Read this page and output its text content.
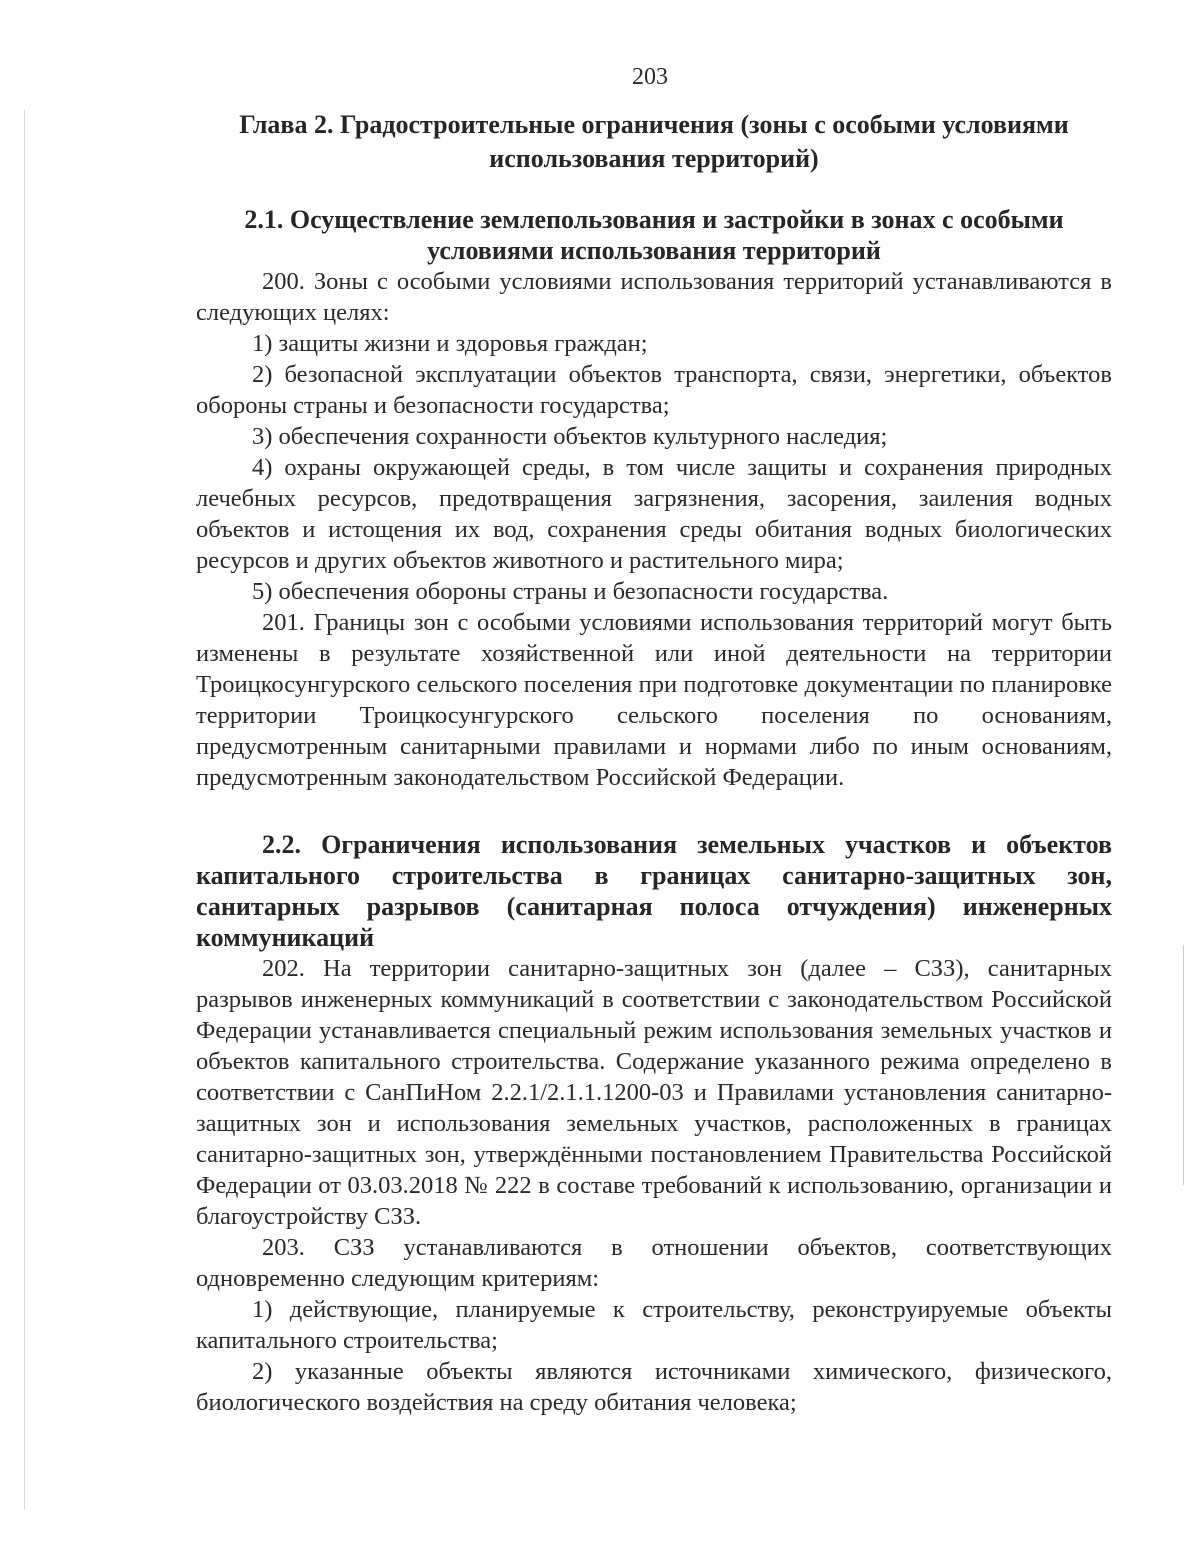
203
Глава 2. Градостроительные ограничения (зоны с особыми условиями использования территорий)
2.1. Осуществление землепользования и застройки в зонах с особыми условиями использования территорий

200. Зоны с особыми условиями использования территорий устанавливаются в следующих целях:

1) защиты жизни и здоровья граждан;

2) безопасной эксплуатации объектов транспорта, связи, энергетики, объектов обороны страны и безопасности государства;

3) обеспечения сохранности объектов культурного наследия;

4) охраны окружающей среды, в том числе защиты и сохранения природных лечебных ресурсов, предотвращения загрязнения, засорения, заиления водных объектов и истощения их вод, сохранения среды обитания водных биологических ресурсов и других объектов животного и растительного мира;

5) обеспечения обороны страны и безопасности государства.

201. Границы зон с особыми условиями использования территорий могут быть изменены в результате хозяйственной или иной деятельности на территории Троицкосунгурского сельского поселения при подготовке документации по планировке территории Троицкосунгурского сельского поселения по основаниям, предусмотренным санитарными правилами и нормами либо по иным основаниям, предусмотренным законодательством Российской Федерации.

2.2. Ограничения использования земельных участков и объектов капитального строительства в границах санитарно-защитных зон, санитарных разрывов (санитарная полоса отчуждения) инженерных коммуникаций

202. На территории санитарно-защитных зон (далее – СЗЗ), санитарных разрывов инженерных коммуникаций в соответствии с законодательством Российской Федерации устанавливается специальный режим использования земельных участков и объектов капитального строительства. Содержание указанного режима определено в соответствии с СанПиНом 2.2.1/2.1.1.1200-03 и Правилами установления санитарно-защитных зон и использования земельных участков, расположенных в границах санитарно-защитных зон, утверждёнными постановлением Правительства Российской Федерации от 03.03.2018 № 222 в составе требований к использованию, организации и благоустройству СЗЗ.

203. СЗЗ устанавливаются в отношении объектов, соответствующих одновременно следующим критериям:

1) действующие, планируемые к строительству, реконструируемые объекты капитального строительства;

2) указанные объекты являются источниками химического, физического, биологического воздействия на среду обитания человека;
